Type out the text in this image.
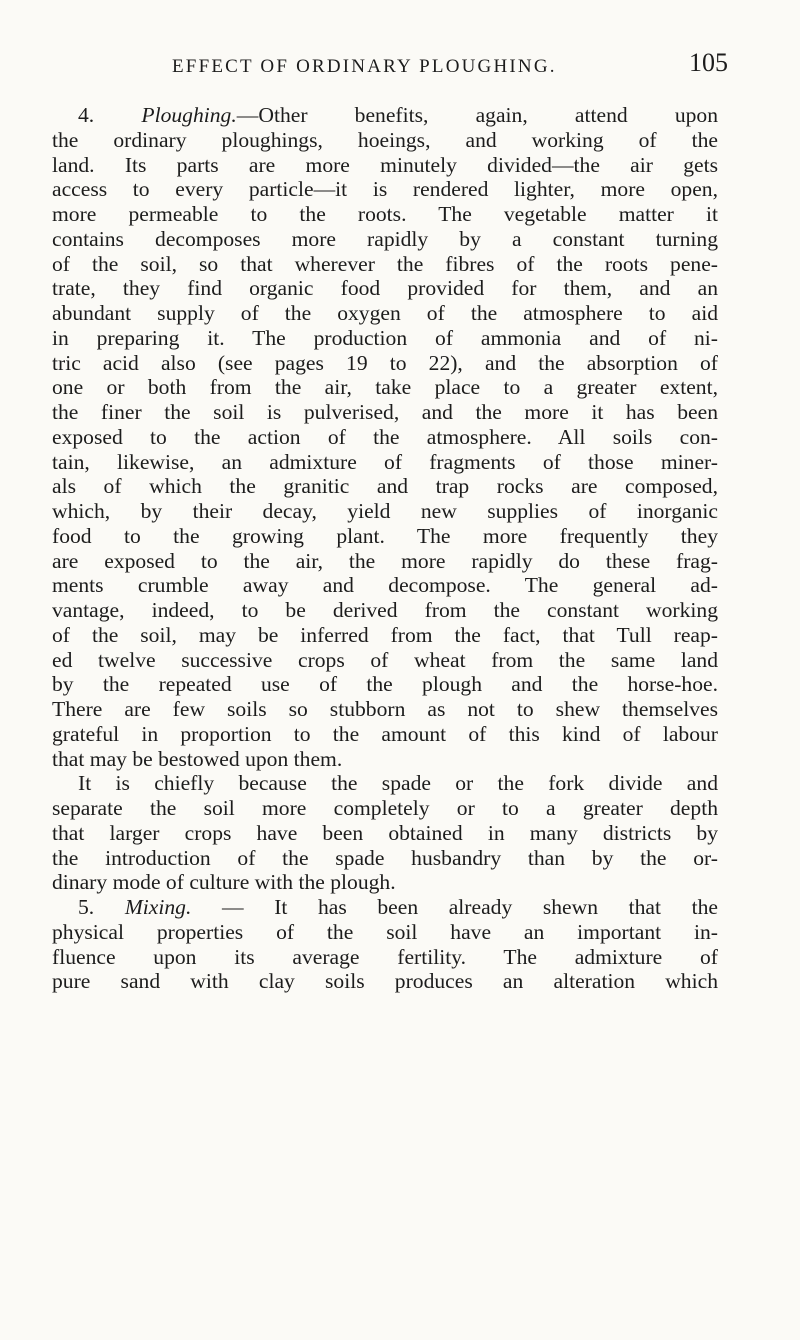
EFFECT OF ORDINARY PLOUGHING.	105
4. Ploughing.—Other benefits, again, attend upon
the ordinary ploughings, hoeings, and working of the
land. Its parts are more minutely divided—the air gets
access to every particle—it is rendered lighter, more open,
more permeable to the roots. The vegetable matter it
contains decomposes more rapidly by a constant turning
of the soil, so that wherever the fibres of the roots pene-
trate, they find organic food provided for them, and an
abundant supply of the oxygen of the atmosphere to aid
in preparing it. The production of ammonia and of ni-
tric acid also (see pages 19 to 22), and the absorption of
one or both from the air, take place to a greater extent,
the finer the soil is pulverised, and the more it has been
exposed to the action of the atmosphere. All soils con-
tain, likewise, an admixture of fragments of those miner-
als of which the granitic and trap rocks are composed,
which, by their decay, yield new supplies of inorganic
food to the growing plant. The more frequently they
are exposed to the air, the more rapidly do these frag-
ments crumble away and decompose. The general ad-
vantage, indeed, to be derived from the constant working
of the soil, may be inferred from the fact, that Tull reap-
ed twelve successive crops of wheat from the same land
by the repeated use of the plough and the horse-hoe.
There are few soils so stubborn as not to shew themselves
grateful in proportion to the amount of this kind of labour
that may be bestowed upon them.
It is chiefly because the spade or the fork divide and
separate the soil more completely or to a greater depth
that larger crops have been obtained in many districts by
the introduction of the spade husbandry than by the or-
dinary mode of culture with the plough.
5. Mixing. — It has been already shewn that the
physical properties of the soil have an important in-
fluence upon its average fertility. The admixture of
pure sand with clay soils produces an alteration which
